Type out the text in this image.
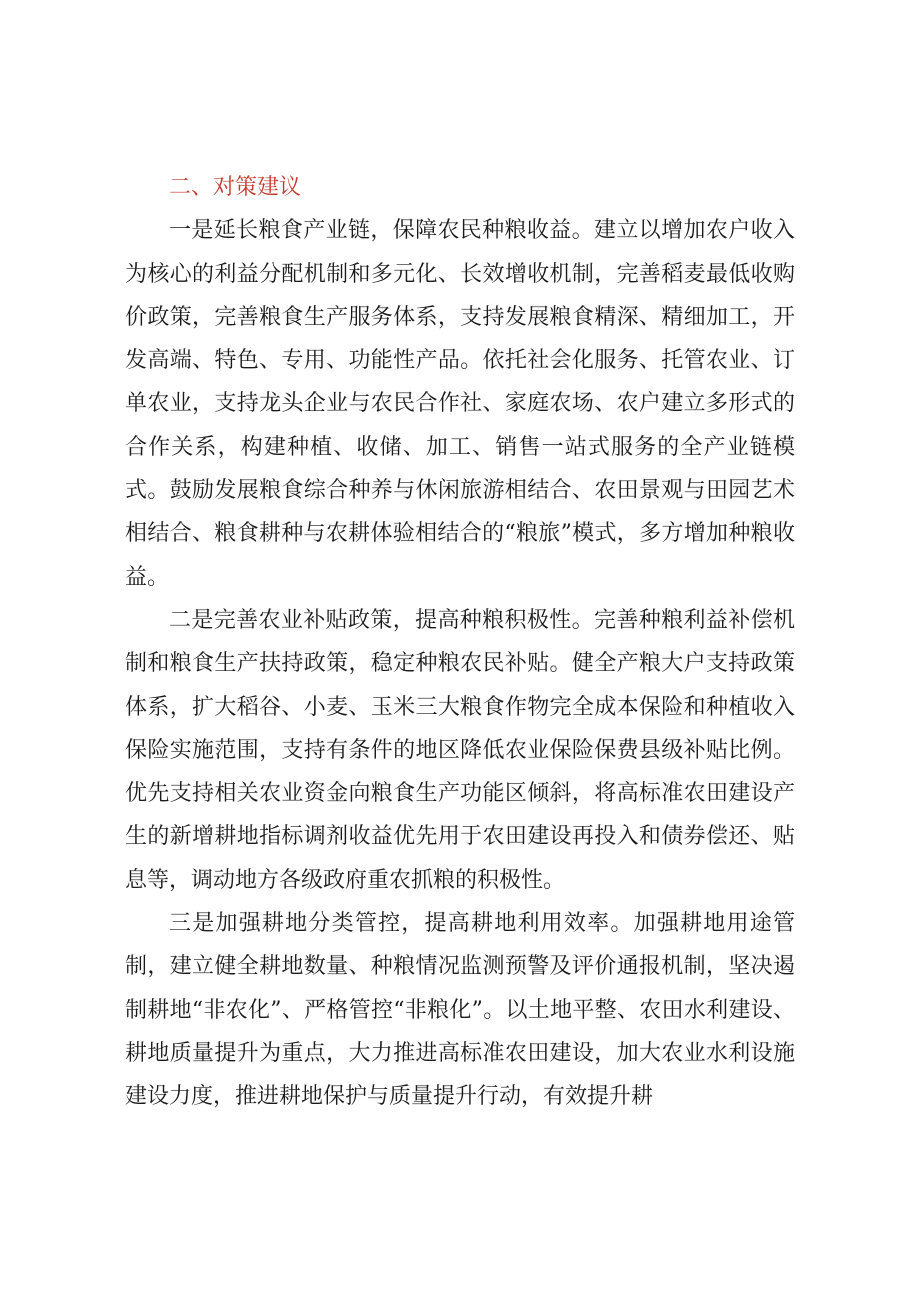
二、对策建议

一是延长粮食产业链，保障农民种粮收益。建立以增加农户收入为核心的利益分配机制和多元化、长效增收机制，完善稻麦最低收购价政策，完善粮食生产服务体系，支持发展粮食精深、精细加工，开发高端、特色、专用、功能性产品。依托社会化服务、托管农业、订单农业，支持龙头企业与农民合作社、家庭农场、农户建立多形式的合作关系，构建种植、收储、加工、销售一站式服务的全产业链模式。鼓励发展粮食综合种养与休闲旅游相结合、农田景观与田园艺术相结合、粮食耕种与农耕体验相结合的“粮旅”模式，多方增加种粮收益。

二是完善农业补贴政策，提高种粮积极性。完善种粮利益补偿机制和粮食生产扶持政策，稳定种粮农民补贴。健全产粮大户支持政策体系，扩大稻谷、小麦、玉米三大粮食作物完全成本保险和种植收入保险实施范围，支持有条件的地区降低农业保险保费县级补贴比例。优先支持相关农业资金向粮食生产功能区倾斜，将高标准农田建设产生的新增耕地指标调剂收益优先用于农田建设再投入和债券偿还、贴息等，调动地方各级政府重农抓粮的积极性。

三是加强耕地分类管控，提高耕地利用效率。加强耕地用途管制，建立健全耕地数量、种粮情况监测预警及评价通报机制，坚决遏制耕地“非农化”、严格管控“非粮化”。以土地平整、农田水利建设、耕地质量提升为重点，大力推进高标准农田建设，加大农业水利设施建设力度，推进耕地保护与质量提升行动，有效提升耕
